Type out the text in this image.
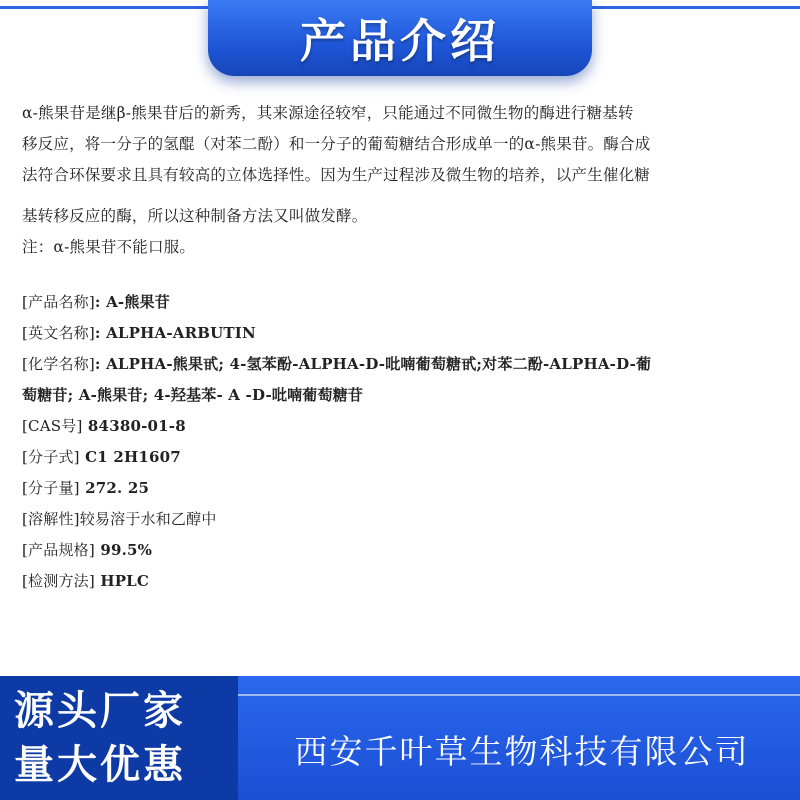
产品介绍

α-熊果苷是继β-熊果苷后的新秀，其来源途径较窄，只能通过不同微生物的酶进行糖基转

移反应，将一分子的氢醌（对苯二酚）和一分子的葡萄糖结合形成单一的α-熊果苷。酶合成

法符合环保要求且具有较高的立体选择性。因为生产过程涉及微生物的培养，以产生催化糖

基转移反应的酶，所以这种制备方法又叫做发酵。

注：α-熊果苷不能口服。

[产品名称]: A-熊果苷
[英文名称]: ALPHA-ARBUTIN
[化学名称]: ALPHA-熊果甙; 4-氢苯酚-ALPHA-D-吡喃葡萄糖甙;对苯二酚-ALPHA-D-葡
萄糖苷; A-熊果苷; 4-羟基苯- A -D-吡喃葡萄糖苷
[CAS号] 84380-01-8
[分子式] C1 2H1607
[分子量] 272. 25
[溶解性]较易溶于水和乙醇中
[产品规格] 99.5%
[检测方法] HPLC
源头厂家
量大优惠	西安千叶草生物科技有限公司
